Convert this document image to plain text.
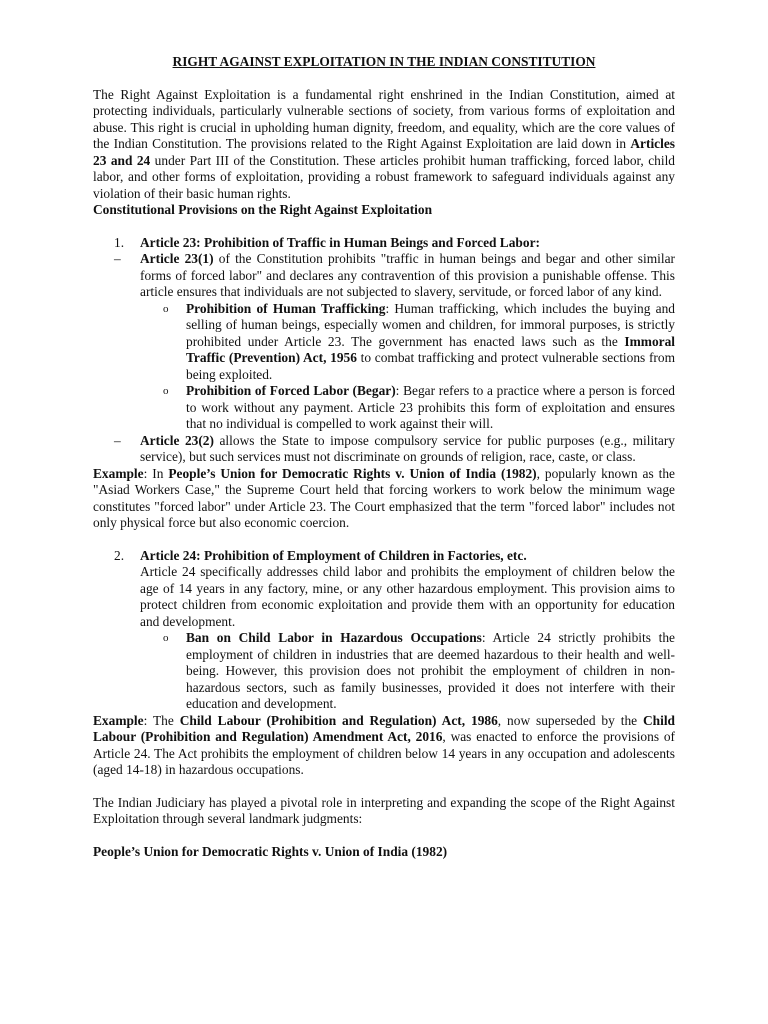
RIGHT AGAINST EXPLOITATION IN THE INDIAN CONSTITUTION

The Right Against Exploitation is a fundamental right enshrined in the Indian Constitution, aimed at protecting individuals, particularly vulnerable sections of society, from various forms of exploitation and abuse. This right is crucial in upholding human dignity, freedom, and equality, which are the core values of the Indian Constitution. The provisions related to the Right Against Exploitation are laid down in Articles 23 and 24 under Part III of the Constitution. These articles prohibit human trafficking, forced labor, child labor, and other forms of exploitation, providing a robust framework to safeguard individuals against any violation of their basic human rights.

Constitutional Provisions on the Right Against Exploitation

1. Article 23: Prohibition of Traffic in Human Beings and Forced Labor:
– Article 23(1) of the Constitution prohibits "traffic in human beings and begar and other similar forms of forced labor" and declares any contravention of this provision a punishable offense. This article ensures that individuals are not subjected to slavery, servitude, or forced labor of any kind.
o Prohibition of Human Trafficking: Human trafficking, which includes the buying and selling of human beings, especially women and children, for immoral purposes, is strictly prohibited under Article 23. The government has enacted laws such as the Immoral Traffic (Prevention) Act, 1956 to combat trafficking and protect vulnerable sections from being exploited.
o Prohibition of Forced Labor (Begar): Begar refers to a practice where a person is forced to work without any payment. Article 23 prohibits this form of exploitation and ensures that no individual is compelled to work against their will.
– Article 23(2) allows the State to impose compulsory service for public purposes (e.g., military service), but such services must not discriminate on grounds of religion, race, caste, or class.

Example: In People’s Union for Democratic Rights v. Union of India (1982), popularly known as the "Asiad Workers Case," the Supreme Court held that forcing workers to work below the minimum wage constitutes "forced labor" under Article 23. The Court emphasized that the term "forced labor" includes not only physical force but also economic coercion.

2. Article 24: Prohibition of Employment of Children in Factories, etc.

Article 24 specifically addresses child labor and prohibits the employment of children below the age of 14 years in any factory, mine, or any other hazardous employment. This provision aims to protect children from economic exploitation and provide them with an opportunity for education and development.

o Ban on Child Labor in Hazardous Occupations: Article 24 strictly prohibits the employment of children in industries that are deemed hazardous to their health and well-being. However, this provision does not prohibit the employment of children in non-hazardous sectors, such as family businesses, provided it does not interfere with their education and development.

Example: The Child Labour (Prohibition and Regulation) Act, 1986, now superseded by the Child Labour (Prohibition and Regulation) Amendment Act, 2016, was enacted to enforce the provisions of Article 24. The Act prohibits the employment of children below 14 years in any occupation and adolescents (aged 14-18) in hazardous occupations.

The Indian Judiciary has played a pivotal role in interpreting and expanding the scope of the Right Against Exploitation through several landmark judgments:

People’s Union for Democratic Rights v. Union of India (1982)
